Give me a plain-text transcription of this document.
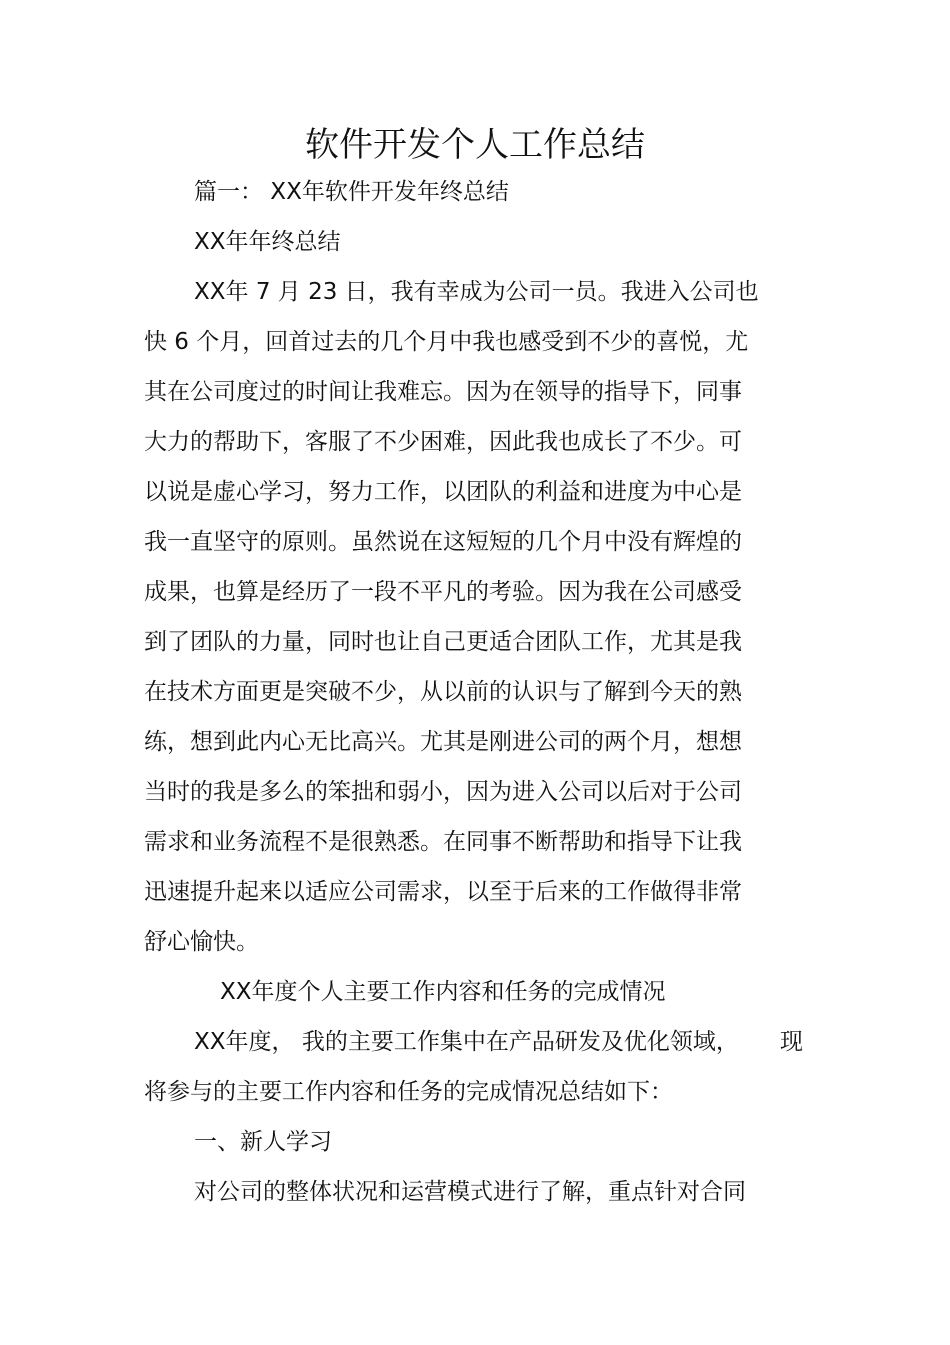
软件开发个人工作总结
篇一： XX年软件开发年终总结
XX年年终总结
XX年 7 月 23 日，我有幸成为公司一员。我进入公司也
快 6 个月，回首过去的几个月中我也感受到不少的喜悦，尤
其在公司度过的时间让我难忘。因为在领导的指导下，同事
大力的帮助下，客服了不少困难，因此我也成长了不少。可
以说是虚心学习，努力工作，以团队的利益和进度为中心是
我一直坚守的原则。虽然说在这短短的几个月中没有辉煌的
成果，也算是经历了一段不平凡的考验。因为我在公司感受
到了团队的力量，同时也让自己更适合团队工作，尤其是我
在技术方面更是突破不少，从以前的认识与了解到今天的熟
练，想到此内心无比高兴。尤其是刚进公司的两个月，想想
当时的我是多么的笨拙和弱小，因为进入公司以后对于公司
需求和业务流程不是很熟悉。在同事不断帮助和指导下让我
迅速提升起来以适应公司需求，以至于后来的工作做得非常
舒心愉快。
XX年度个人主要工作内容和任务的完成情况
XX年度， 我的主要工作集中在产品研发及优化领域， 现
将参与的主要工作内容和任务的完成情况总结如下：
一、新人学习
对公司的整体状况和运营模式进行了解，重点针对合同
